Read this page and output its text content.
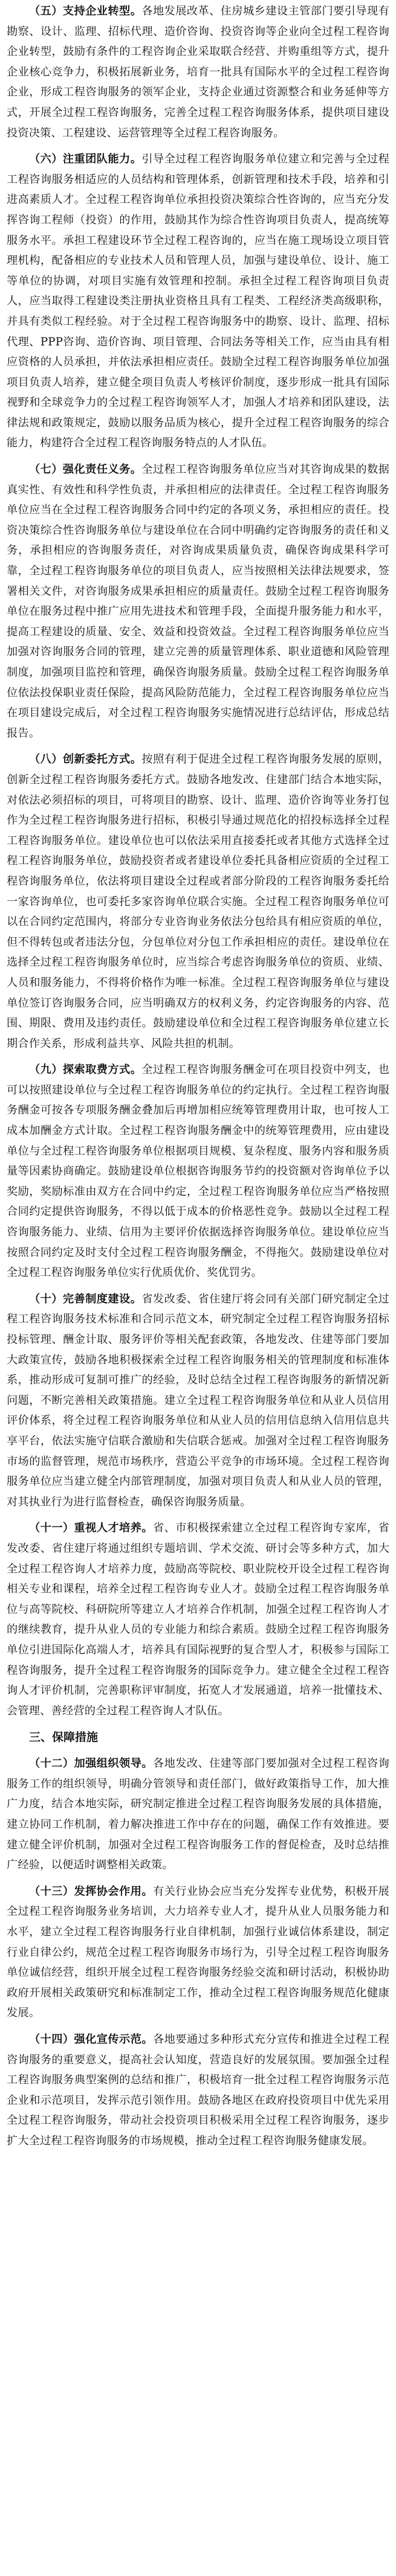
（五）支持企业转型。各地发展改革、住房城乡建设主管部门要引导现有勘察、设计、监理、招标代理、造价咨询、投资咨询等企业向全过程工程咨询企业转型，鼓励有条件的工程咨询企业采取联合经营、并购重组等方式，提升企业核心竞争力，积极拓展新业务，培育一批具有国际水平的全过程工程咨询企业，形成工程咨询服务的领军企业，支持企业通过资源整合和业务延伸等方式，开展全过程工程咨询服务，完善全过程工程咨询服务体系，提供项目建设投资决策、工程建设、运营管理等全过程工程咨询服务。

（六）注重团队能力。引导全过程工程咨询服务单位建立和完善与全过程工程咨询服务相适应的人员结构和管理体系，创新管理和技术手段，培养和引进高素质人才。全过程工程咨询单位承担投资决策综合性咨询的，应当充分发挥咨询工程师（投资）的作用，鼓励其作为综合性咨询项目负责人，提高统筹服务水平。承担工程建设环节全过程工程咨询的，应当在施工现场设立项目管理机构，配备相应的专业技术人员和管理人员，加强与建设单位、设计、施工等单位的协调，对项目实施有效管理和控制。承担全过程工程咨询项目负责人，应当取得工程建设类注册执业资格且具有工程类、工程经济类高级职称，并具有类似工程经验。对于全过程工程咨询服务中的勘察、设计、监理、招标代理、PPP咨询、造价咨询、项目管理、合同法务等相关工作，应当由具有相应资格的人员承担，并依法承担相应责任。鼓励全过程工程咨询服务单位加强项目负责人培养，建立健全项目负责人考核评价制度，逐步形成一批具有国际视野和全球竞争力的全过程工程咨询领军人才，加强人才培养和团队建设，法律法规和政策规定，鼓励以服务品质为核心，提升全过程工程咨询服务的综合能力，构建符合全过程工程咨询服务特点的人才队伍。

（七）强化责任义务。全过程工程咨询服务单位应当对其咨询成果的数据真实性、有效性和科学性负责，并承担相应的法律责任。全过程工程咨询服务单位应当在全过程工程咨询服务合同中约定的各项义务，承担相应的责任。投资决策综合性咨询服务单位与建设单位在合同中明确约定咨询服务的责任和义务，承担相应的咨询服务责任，对咨询成果质量负责，确保咨询成果科学可靠，全过程工程咨询服务单位的项目负责人，应当按照相关法律法规要求，签署相关文件，对咨询服务成果承担相应的质量责任。鼓励全过程工程咨询服务单位在服务过程中推广应用先进技术和管理手段，全面提升服务能力和水平，提高工程建设的质量、安全、效益和投资效益。全过程工程咨询服务单位应当加强对咨询服务合同的管理，建立完善的质量管理体系、职业道德和风险管理制度，加强项目监控和管理，确保咨询服务质量。鼓励全过程工程咨询服务单位依法投保职业责任保险，提高风险防范能力，全过程工程咨询服务单位应当在项目建设完成后，对全过程工程咨询服务实施情况进行总结评估，形成总结报告。

（八）创新委托方式。按照有利于促进全过程工程咨询服务发展的原则，创新全过程工程咨询服务委托方式。鼓励各地发改、住建部门结合本地实际，对依法必须招标的项目，可将项目的勘察、设计、监理、造价咨询等业务打包作为全过程工程咨询服务进行招标，积极引导通过规范化的招投标选择全过程工程咨询服务单位。建设单位也可以依法采用直接委托或者其他方式选择全过程工程咨询服务单位，鼓励投资者或者建设单位委托具备相应资质的全过程工程咨询服务单位，依法将项目建设全过程或者部分阶段的工程咨询服务委托给一家咨询单位，也可委托多家咨询单位联合实施。全过程工程咨询服务单位可以在合同约定范围内，将部分专业咨询业务依法分包给具有相应资质的单位，但不得转包或者违法分包，分包单位对分包工作承担相应的责任。建设单位在选择全过程工程咨询服务单位时，应当综合考虑咨询服务单位的资质、业绩、人员和服务能力，不得将价格作为唯一标准。全过程工程咨询服务单位与建设单位签订咨询服务合同，应当明确双方的权利义务，约定咨询服务的内容、范围、期限、费用及违约责任。鼓励建设单位和全过程工程咨询服务单位建立长期合作关系，形成利益共享、风险共担的机制。

（九）探索取费方式。全过程工程咨询服务酬金可在项目投资中列支，也可以按照建设单位与全过程工程咨询服务单位的约定执行。全过程工程咨询服务酬金可按各专项服务酬金叠加后再增加相应统筹管理费用计取，也可按人工成本加酬金方式计取。全过程工程咨询服务酬金中的统筹管理费用，应由建设单位与全过程工程咨询服务单位根据项目规模、复杂程度、服务内容和服务质量等因素协商确定。鼓励建设单位根据咨询服务节约的投资额对咨询单位予以奖励，奖励标准由双方在合同中约定，全过程工程咨询服务单位应当严格按照合同约定提供咨询服务，不得以低于成本的价格恶性竞争。鼓励以全过程工程咨询服务能力、业绩、信用为主要评价依据选择咨询服务单位。建设单位应当按照合同约定及时支付全过程工程咨询服务酬金，不得拖欠。鼓励建设单位对全过程工程咨询服务单位实行优质优价、奖优罚劣。

（十）完善制度建设。省发改委、省住建厅将会同有关部门研究制定全过程工程咨询服务技术标准和合同示范文本，研究制定全过程工程咨询服务招标投标管理、酬金计取、服务评价等相关配套政策，各地发改、住建等部门要加大政策宣传，鼓励各地积极探索全过程工程咨询服务相关的管理制度和标准体系，推动形成可复制可推广的经验，及时总结全过程工程咨询服务的新情况新问题，不断完善相关政策措施。建立全过程工程咨询服务单位和从业人员信用评价体系，将全过程工程咨询服务单位和从业人员的信用信息纳入信用信息共享平台，依法实施守信联合激励和失信联合惩戒。加强对全过程工程咨询服务市场的监督管理，规范市场秩序，营造公平竞争的市场环境。全过程工程咨询服务单位应当建立健全内部管理制度，加强对项目负责人和从业人员的管理，对其执业行为进行监督检查，确保咨询服务质量。

（十一）重视人才培养。省、市积极探索建立全过程工程咨询专家库，省发改委、省住建厅将通过组织专题培训、学术交流、研讨会等多种方式，加大全过程工程咨询人才培养力度，鼓励高等院校、职业院校开设全过程工程咨询相关专业和课程，培养全过程工程咨询专业人才。鼓励全过程工程咨询服务单位与高等院校、科研院所等建立人才培养合作机制，加强全过程工程咨询人才的继续教育，提升从业人员的专业能力和综合素质。鼓励全过程工程咨询服务单位引进国际化高端人才，培养具有国际视野的复合型人才，积极参与国际工程咨询服务，提升全过程工程咨询服务的国际竞争力。建立健全全过程工程咨询人才评价机制，完善职称评审制度，拓宽人才发展通道，培养一批懂技术、会管理、善经营的全过程工程咨询人才队伍。

三、保障措施

（十二）加强组织领导。各地发改、住建等部门要加强对全过程工程咨询服务工作的组织领导，明确分管领导和责任部门，做好政策指导工作，加大推广力度，结合本地实际，研究制定推进全过程工程咨询服务发展的具体措施，建立协同工作机制，着力解决推进工作中存在的问题，确保工作有效推进。要建立健全评价机制，加强对全过程工程咨询服务工作的督促检查，及时总结推广经验，以便适时调整相关政策。

（十三）发挥协会作用。有关行业协会应当充分发挥专业优势，积极开展全过程工程咨询服务业务培训，大力培养专业人才，提升从业人员服务能力和水平，建立全过程工程咨询服务行业自律机制，加强行业诚信体系建设，制定行业自律公约，规范全过程工程咨询服务市场行为，引导全过程工程咨询服务单位诚信经营，组织开展全过程工程咨询服务经验交流和研讨活动，积极协助政府开展相关政策研究和标准制定工作，推动全过程工程咨询服务规范化健康发展。

（十四）强化宣传示范。各地要通过多种形式充分宣传和推进全过程工程咨询服务的重要意义，提高社会认知度，营造良好的发展氛围。要加强全过程工程咨询服务典型案例的总结和推广，积极培育一批全过程工程咨询服务示范企业和示范项目，发挥示范引领作用。鼓励各地区在政府投资项目中优先采用全过程工程咨询服务，带动社会投资项目积极采用全过程工程咨询服务，逐步扩大全过程工程咨询服务的市场规模，推动全过程工程咨询服务健康发展。
